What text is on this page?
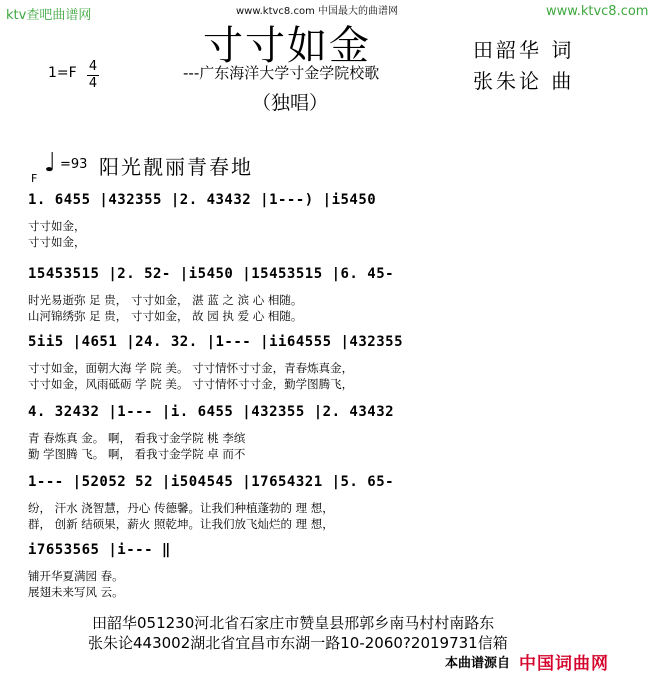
ktv查吧曲谱网	www.ktvc8.com 中国最大的曲谱网	www.ktvc8.com
寸寸如金
---广东海洋大学寸金学院校歌
（独唱）
田韶华 词
张朱论 曲
1=F 4
4
♩ =93 阳光靓丽青春地
F
1. 6455 |432355 |2. 43432 |1---) |i5450
寸寸如金，
寸寸如金，
15453515 |2. 52- |i5450 |15453515 |6. 45-
时光易逝弥 足 贵， 寸寸如金， 湛 蓝 之 滨 心 相随。
山河锦绣弥 足 贵， 寸寸如金， 故 园 执 爱 心 相随。
5ii5 |4651 |24. 32. |1--- |ii64555 |432355
寸寸如金，面朝大海 学 院 美。 寸寸情怀寸寸金，青春炼真金，
寸寸如金，风雨砥砺 学 院 美。 寸寸情怀寸寸金，勤学图腾飞，
4. 32432 |1--- |i. 6455 |432355 |2. 43432
青 春炼真 金。 啊， 看我寸金学院 桃 李缤
勤 学图腾 飞。 啊， 看我寸金学院 卓 而不
1--- |52052 52 |i504545 |17654321 |5. 65-
纷， 汗水 浇智慧，丹心 传德馨。让我们种植蓬勃的 理 想，
群， 创新 结硕果，薪火 照乾坤。让我们放飞灿烂的 理 想，
i7653565 |i--- ‖
铺开华夏满园 春。
展翅未来写风 云。
田韶华051230河北省石家庄市赞皇县邢郭乡南马村村南路东
张朱论443002湖北省宜昌市东湖一路10-2060?2019731信箱
本曲谱源自 中国词曲网
